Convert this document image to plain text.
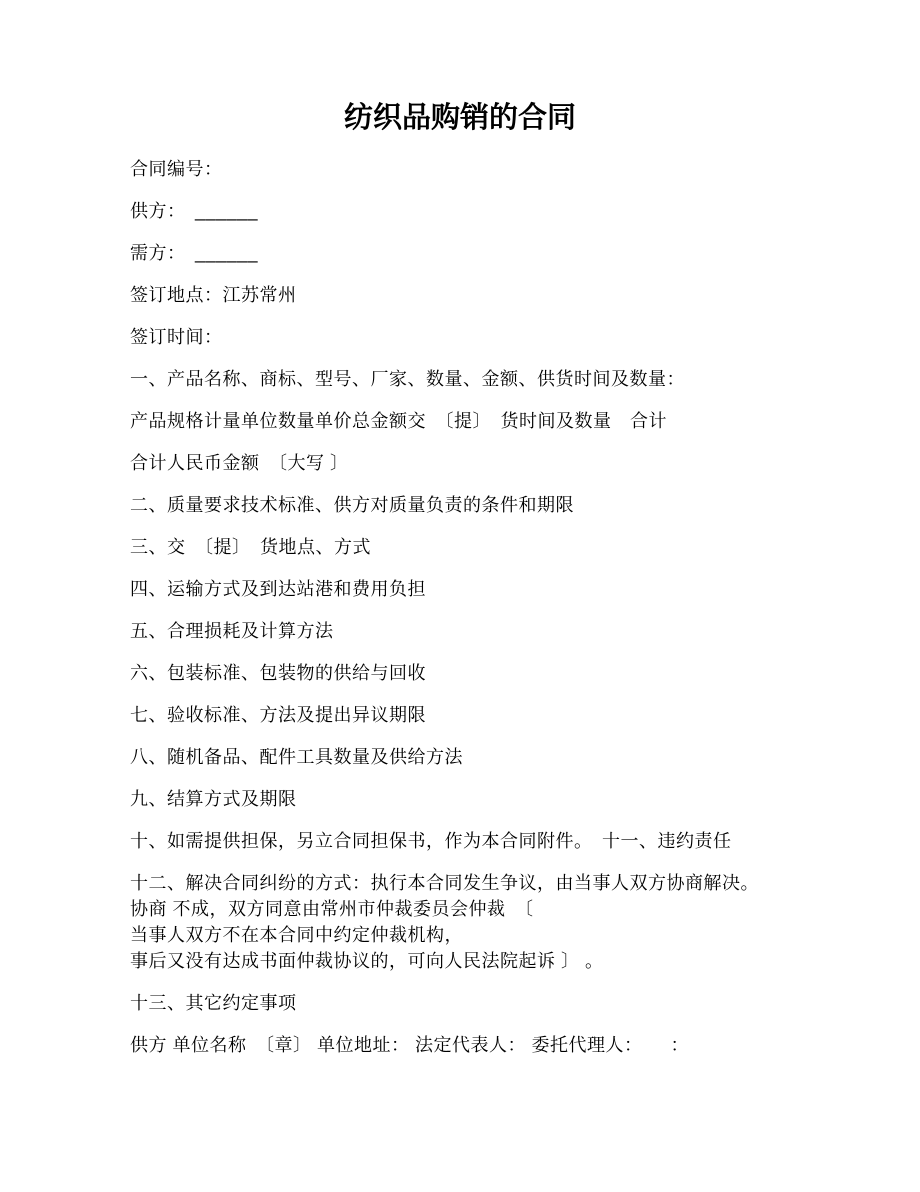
纺织品购销的合同

合同编号：

供方：　______

需方：　______

签订地点：江苏常州

签订时间：

一、产品名称、商标、型号、厂家、数量、金额、供货时间及数量：

产品规格计量单位数量单价总金额交　〔提〕　货时间及数量　合计

合计人民币金额　〔大写 〕

二、质量要求技术标准、供方对质量负责的条件和期限

三、交　〔提〕　货地点、方式

四、运输方式及到达站港和费用负担

五、合理损耗及计算方法

六、包装标准、包装物的供给与回收

七、验收标准、方法及提出异议期限

八、随机备品、配件工具数量及供给方法

九、结算方式及期限

十、如需提供担保，另立合同担保书，作为本合同附件。　十一、违约责任

十二、解决合同纠纷的方式：执行本合同发生争议，由当事人双方协商解决。

协商 不成，双方同意由常州市仲裁委员会仲裁　〔

当事人双方不在本合同中约定仲裁机构，

事后又没有达成书面仲裁协议的，可向人民法院起诉 〕 。

十三、其它约定事项

供方 单位名称　〔章〕 单位地址： 法定代表人： 委托代理人：　　：
